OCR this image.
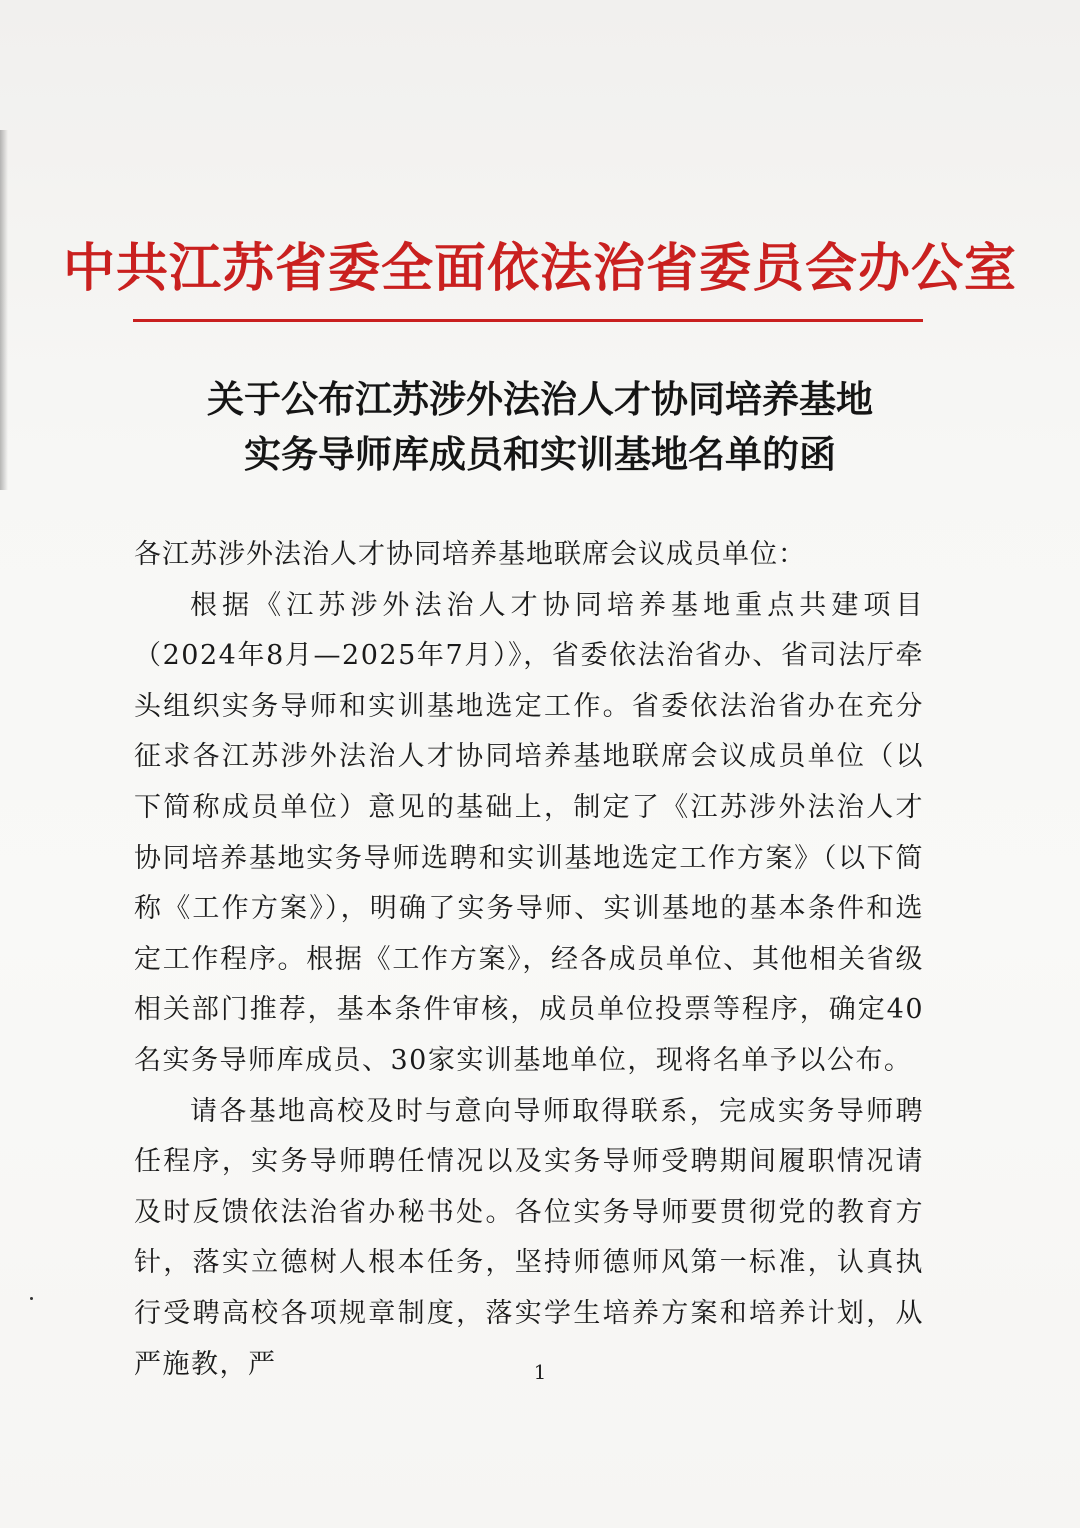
中共江苏省委全面依法治省委员会办公室
关于公布江苏涉外法治人才协同培养基地
实务导师库成员和实训基地名单的函

各江苏涉外法治人才协同培养基地联席会议成员单位：

根据《江苏涉外法治人才协同培养基地重点共建项目（2024年8月—2025年7月）》，省委依法治省办、省司法厅牵头组织实务导师和实训基地选定工作。省委依法治省办在充分征求各江苏涉外法治人才协同培养基地联席会议成员单位（以下简称成员单位）意见的基础上，制定了《江苏涉外法治人才协同培养基地实务导师选聘和实训基地选定工作方案》（以下简称《工作方案》），明确了实务导师、实训基地的基本条件和选定工作程序。根据《工作方案》，经各成员单位、其他相关省级相关部门推荐，基本条件审核，成员单位投票等程序，确定40名实务导师库成员、30家实训基地单位，现将名单予以公布。

请各基地高校及时与意向导师取得联系，完成实务导师聘任程序，实务导师聘任情况以及实务导师受聘期间履职情况请及时反馈依法治省办秘书处。各位实务导师要贯彻党的教育方针，落实立德树人根本任务，坚持师德师风第一标准，认真执行受聘高校各项规章制度，落实学生培养方案和培养计划，从严施教，严	1
